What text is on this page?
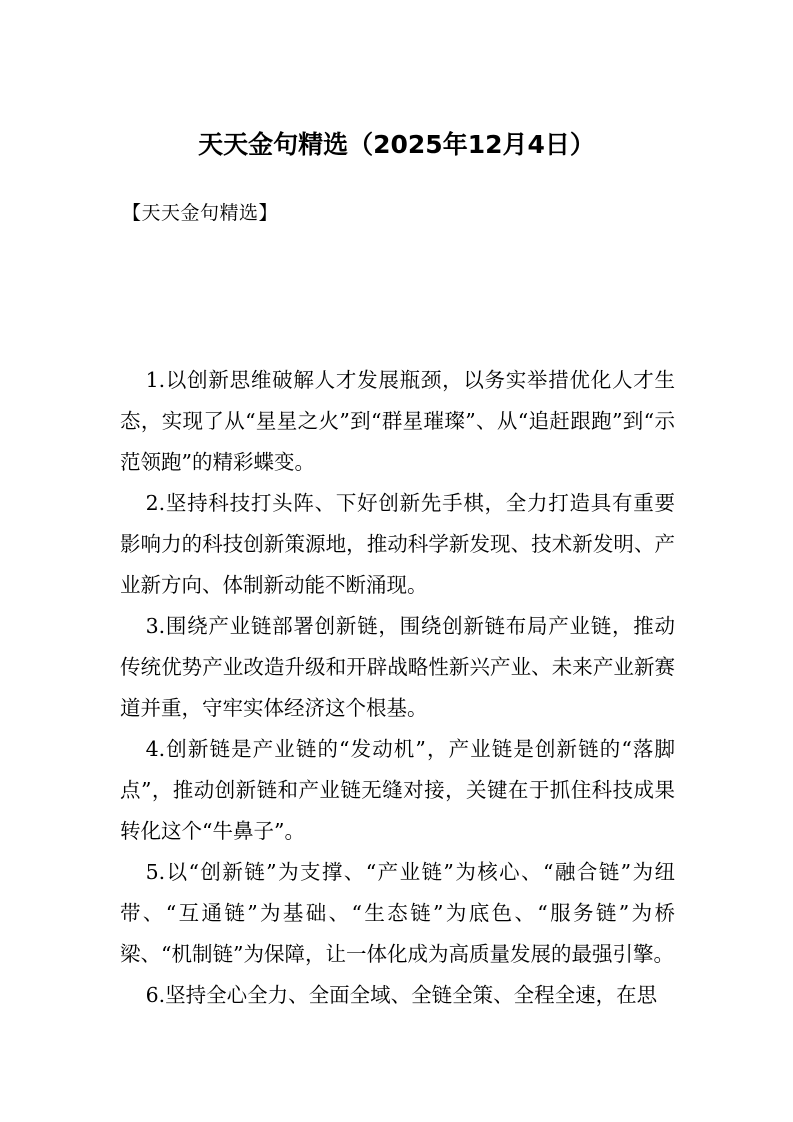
天天金句精选（2025年12月4日）

【天天金句精选】

1.以创新思维破解人才发展瓶颈，以务实举措优化人才生态，实现了从“星星之火”到“群星璀璨”、从“追赶跟跑”到“示范领跑”的精彩蝶变。

2.坚持科技打头阵、下好创新先手棋，全力打造具有重要影响力的科技创新策源地，推动科学新发现、技术新发明、产业新方向、体制新动能不断涌现。

3.围绕产业链部署创新链，围绕创新链布局产业链，推动传统优势产业改造升级和开辟战略性新兴产业、未来产业新赛道并重，守牢实体经济这个根基。

4.创新链是产业链的“发动机”，产业链是创新链的“落脚点”，推动创新链和产业链无缝对接，关键在于抓住科技成果转化这个“牛鼻子”。

5.以“创新链”为支撑、“产业链”为核心、“融合链”为纽带、“互通链”为基础、“生态链”为底色、“服务链”为桥梁、“机制链”为保障，让一体化成为高质量发展的最强引擎。

6.坚持全心全力、全面全域、全链全策、全程全速，在思
